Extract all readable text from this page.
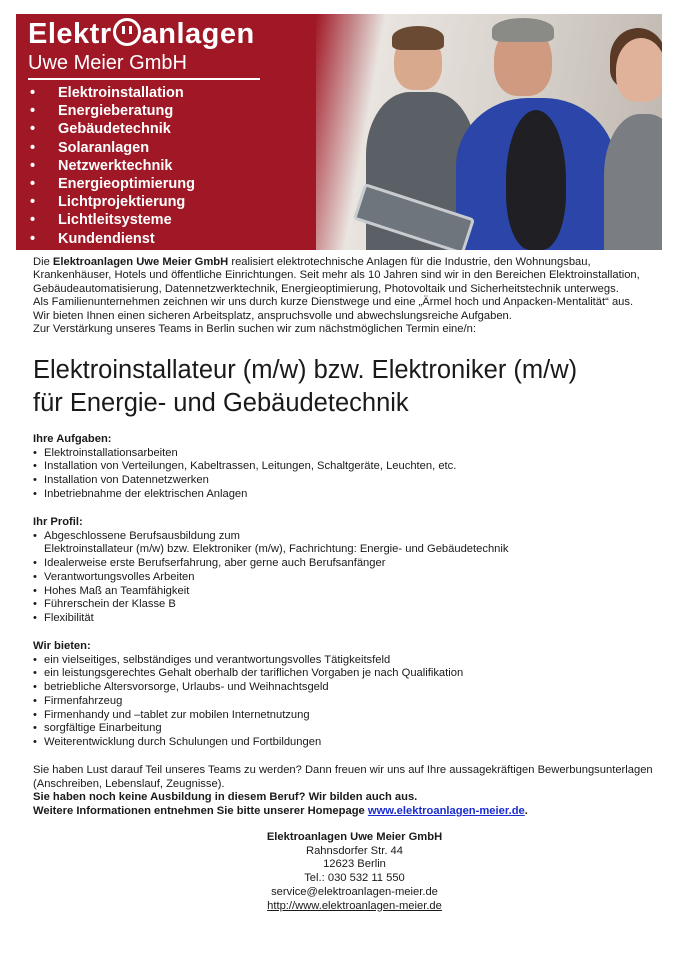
Elektr anlagen
Uwe Meier GmbH
• Elektroinstallation
• Energieberatung
• Gebäudetechnik
• Solaranlagen
• Netzwerktechnik
• Energieoptimierung
• Lichtprojektierung
• Lichtleitsysteme
• Kundendienst

Die Elektroanlagen Uwe Meier GmbH realisiert elektrotechnische Anlagen für die Industrie, den Wohnungsbau, Krankenhäuser, Hotels und öffentliche Einrichtungen. Seit mehr als 10 Jahren sind wir in den Bereichen Elektroinstallation, Gebäudeautomatisierung, Datennetzwerktechnik, Energieoptimierung, Photovoltaik und Sicherheitstechnik unterwegs.

Als Familienunternehmen zeichnen wir uns durch kurze Dienstwege und eine „Ärmel hoch und Anpacken-Mentalität“ aus.

Wir bieten Ihnen einen sicheren Arbeitsplatz, anspruchsvolle und abwechslungsreiche Aufgaben.

Zur Verstärkung unseres Teams in Berlin suchen wir zum nächstmöglichen Termin eine/n:

Elektroinstallateur (m/w) bzw. Elektroniker (m/w)
für Energie- und Gebäudetechnik
Ihre Aufgaben:
• Elektroinstallationsarbeiten
• Installation von Verteilungen, Kabeltrassen, Leitungen, Schaltgeräte, Leuchten, etc.
• Installation von Datennetzwerken
• Inbetriebnahme der elektrischen Anlagen
Ihr Profil:
• Abgeschlossene Berufsausbildung zum
Elektroinstallateur (m/w) bzw. Elektroniker (m/w), Fachrichtung: Energie- und Gebäudetechnik
• Idealerweise erste Berufserfahrung, aber gerne auch Berufsanfänger
• Verantwortungsvolles Arbeiten
• Hohes Maß an Teamfähigkeit
• Führerschein der Klasse B
• Flexibilität
Wir bieten:
• ein vielseitiges, selbständiges und verantwortungsvolles Tätigkeitsfeld
• ein leistungsgerechtes Gehalt oberhalb der tariflichen Vorgaben je nach Qualifikation
• betriebliche Altersvorsorge, Urlaubs- und Weihnachtsgeld
• Firmenfahrzeug
• Firmenhandy und –tablet zur mobilen Internetnutzung
• sorgfältige Einarbeitung
• Weiterentwicklung durch Schulungen und Fortbildungen

Sie haben Lust darauf Teil unseres Teams zu werden? Dann freuen wir uns auf Ihre aussagekräftigen Bewerbungsunterlagen (Anschreiben, Lebenslauf, Zeugnisse).

Sie haben noch keine Ausbildung in diesem Beruf? Wir bilden auch aus.

Weitere Informationen entnehmen Sie bitte unserer Homepage www.elektroanlagen-meier.de.

Elektroanlagen Uwe Meier GmbH
Rahnsdorfer Str. 44
12623 Berlin
Tel.: 030 532 11 550
service@elektroanlagen-meier.de
http://www.elektroanlagen-meier.de
